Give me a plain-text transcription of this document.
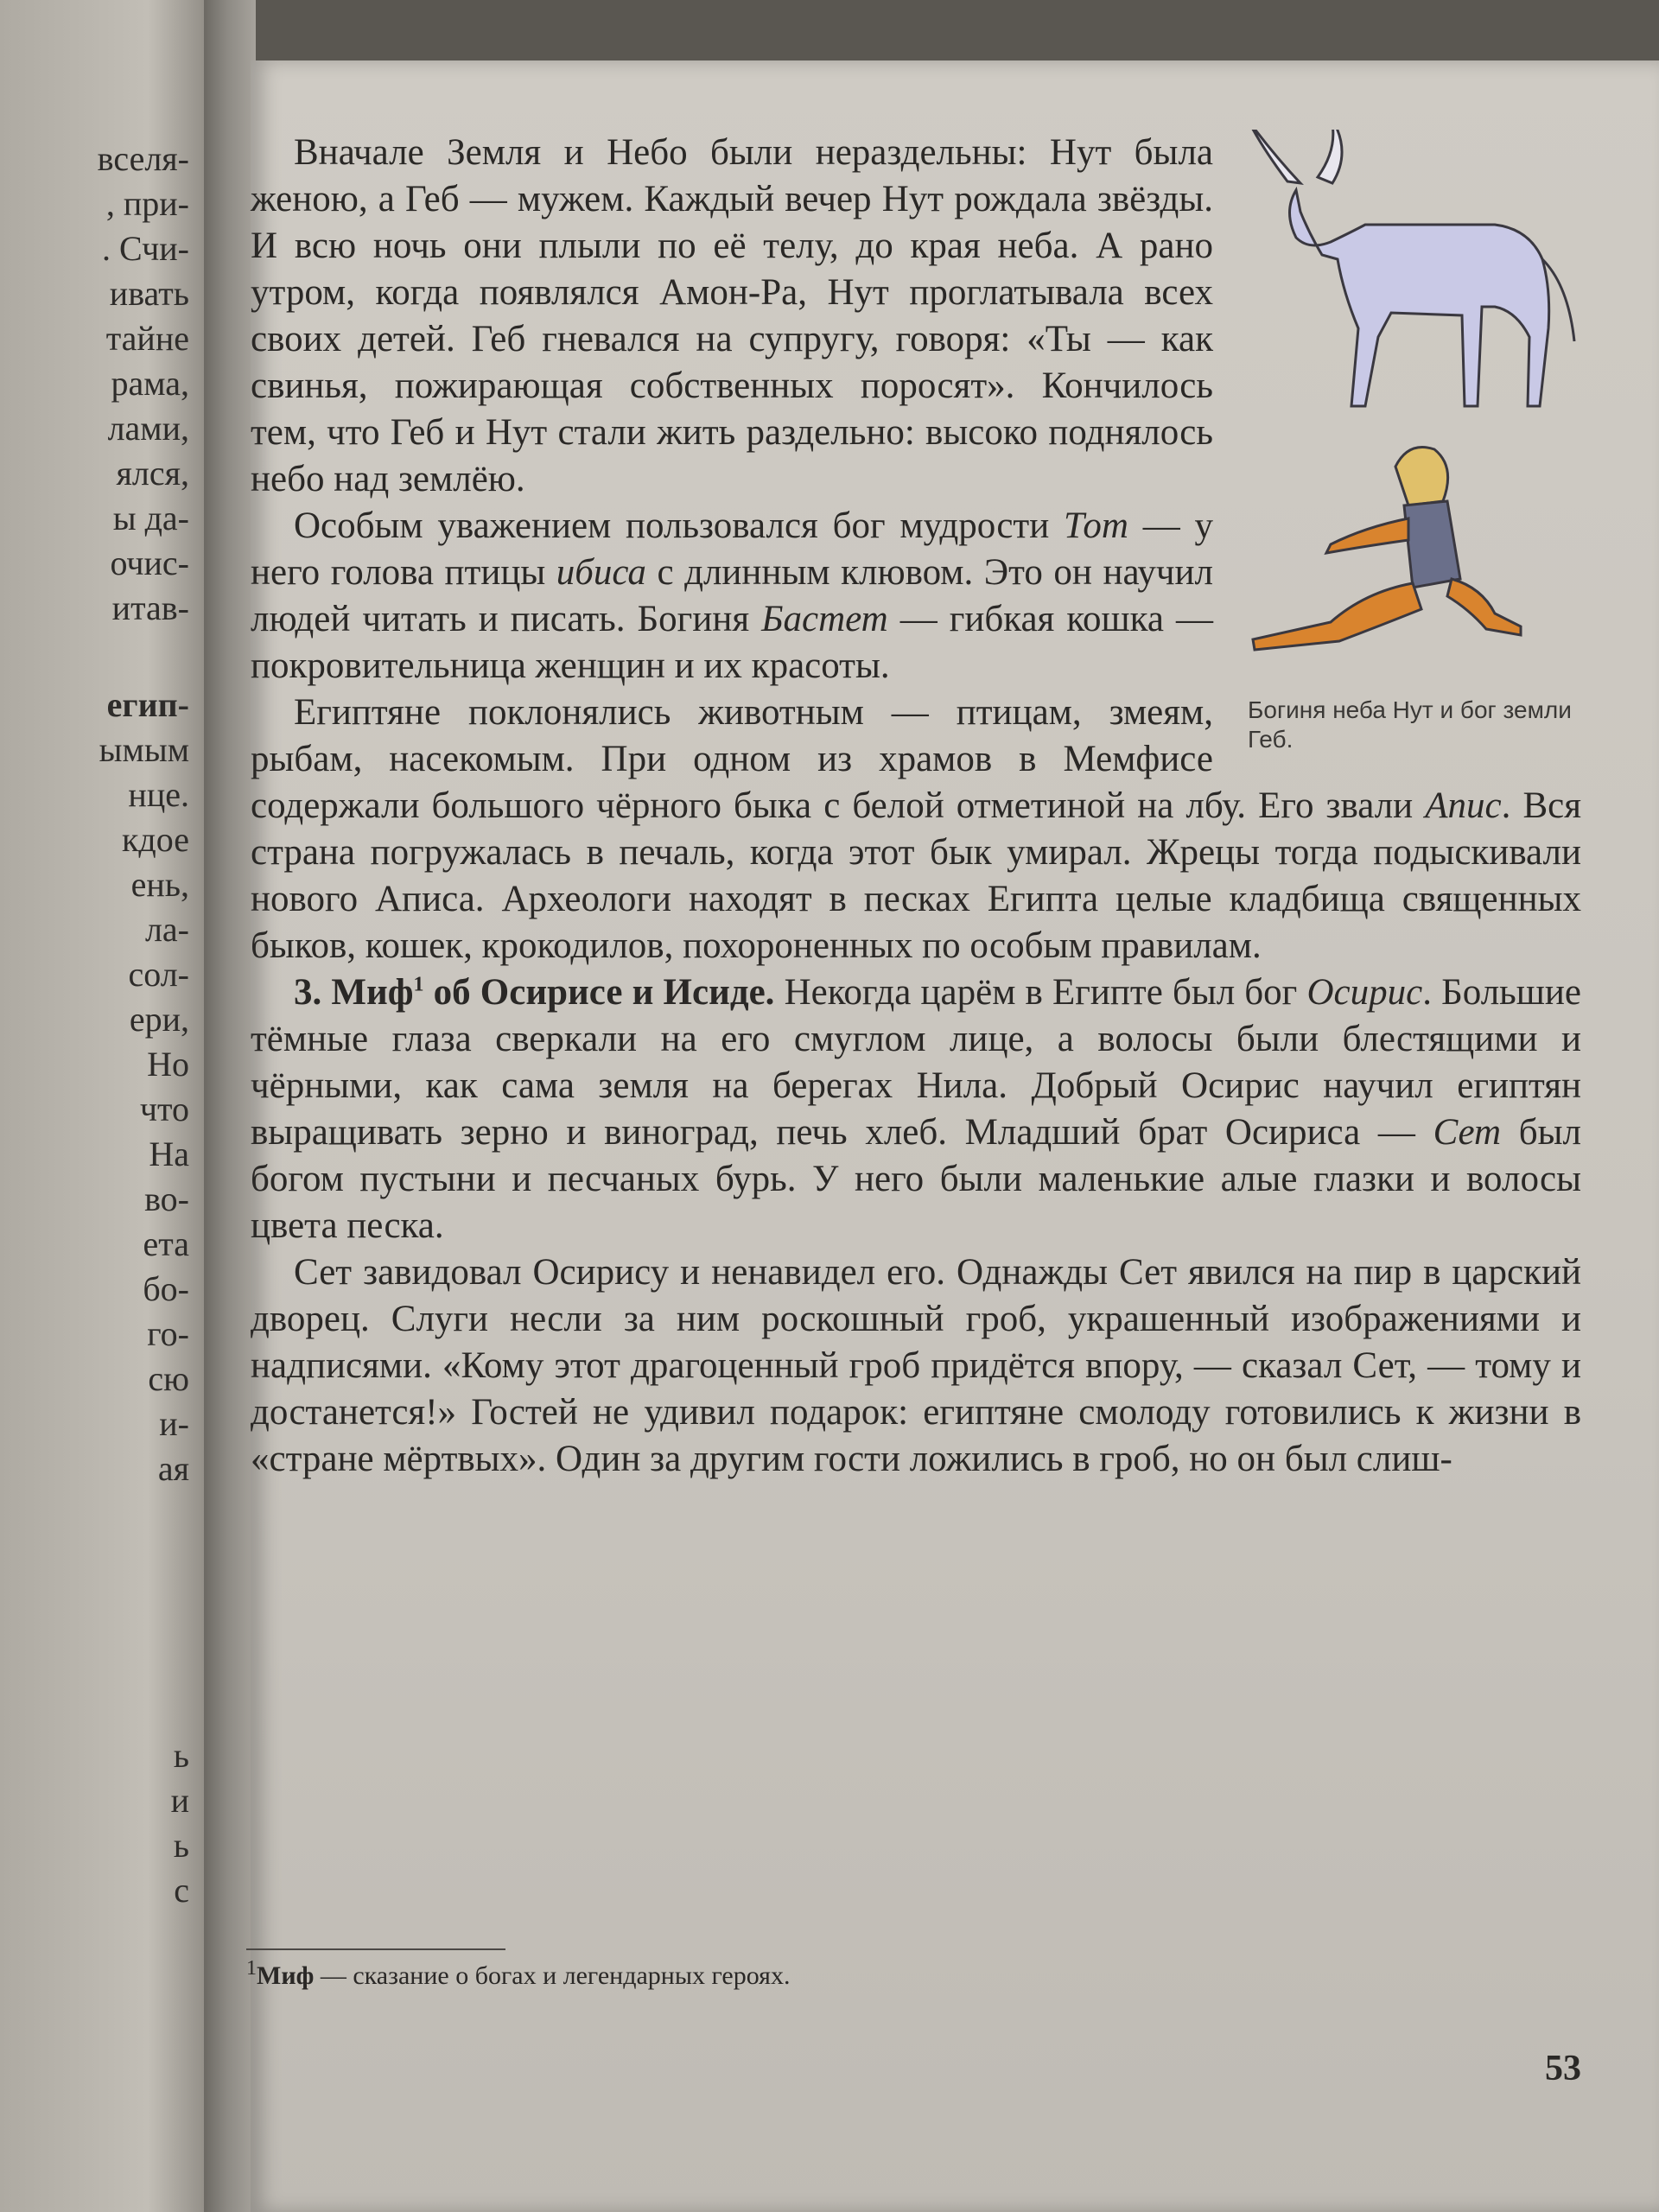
вселя-
, при-
. Счи-
ивать
тайне
рама,
лами,
ялся,
ы да-
очис-
итав-
егип-
ымым
нце.
кдое
ень,
ла-
сол-
ери,
Но
что
На
во-
ета
бо-
го-
сю
и-
ая
ь
и
ь
с
Богиня неба Нут и бог земли Геб.

Вначале Земля и Небо были нераздельны: Нут была женою, а Геб — мужем. Каждый вечер Нут рождала звёзды. И всю ночь они плыли по её телу, до края неба. А рано утром, когда появлялся Амон-Ра, Нут проглатывала всех своих детей. Геб гневался на супругу, говоря: «Ты — как свинья, пожирающая собственных поросят». Кончилось тем, что Геб и Нут стали жить раздельно: высоко поднялось небо над землёю.

Особым уважением пользовался бог мудрости Тот — у него голова птицы ибиса с длинным клювом. Это он научил людей читать и писать. Богиня Бастет — гибкая кошка — покровительница женщин и их красоты.

Египтяне поклонялись животным — птицам, змеям, рыбам, насекомым. При одном из храмов в Мемфисе содержали большого чёрного быка с белой отметиной на лбу. Его звали Апис. Вся страна погружалась в печаль, когда этот бык умирал. Жрецы тогда подыскивали нового Аписа. Археологи находят в песках Египта целые кладбища священных быков, кошек, крокодилов, похороненных по особым правилам.

3. Миф$^1$ об Осирисе и Исиде. Некогда царём в Египте был бог Осирис. Большие тёмные глаза сверкали на его смуглом лице, а волосы были блестящими и чёрными, как сама земля на берегах Нила. Добрый Осирис научил египтян выращивать зерно и виноград, печь хлеб. Младший брат Осириса — Сет был богом пустыни и песчаных бурь. У него были маленькие алые глазки и волосы цвета песка.

Сет завидовал Осирису и ненавидел его. Однажды Сет явился на пир в царский дворец. Слуги несли за ним роскошный гроб, украшенный изображениями и надписями. «Кому этот драгоценный гроб придётся впору, — сказал Сет, — тому и достанется!» Гостей не удивил подарок: египтяне смолоду готовились к жизни в «стране мёртвых». Один за другим гости ложились в гроб, но он был слиш-

$^1$Миф — сказание о богах и легендарных героях.
53
